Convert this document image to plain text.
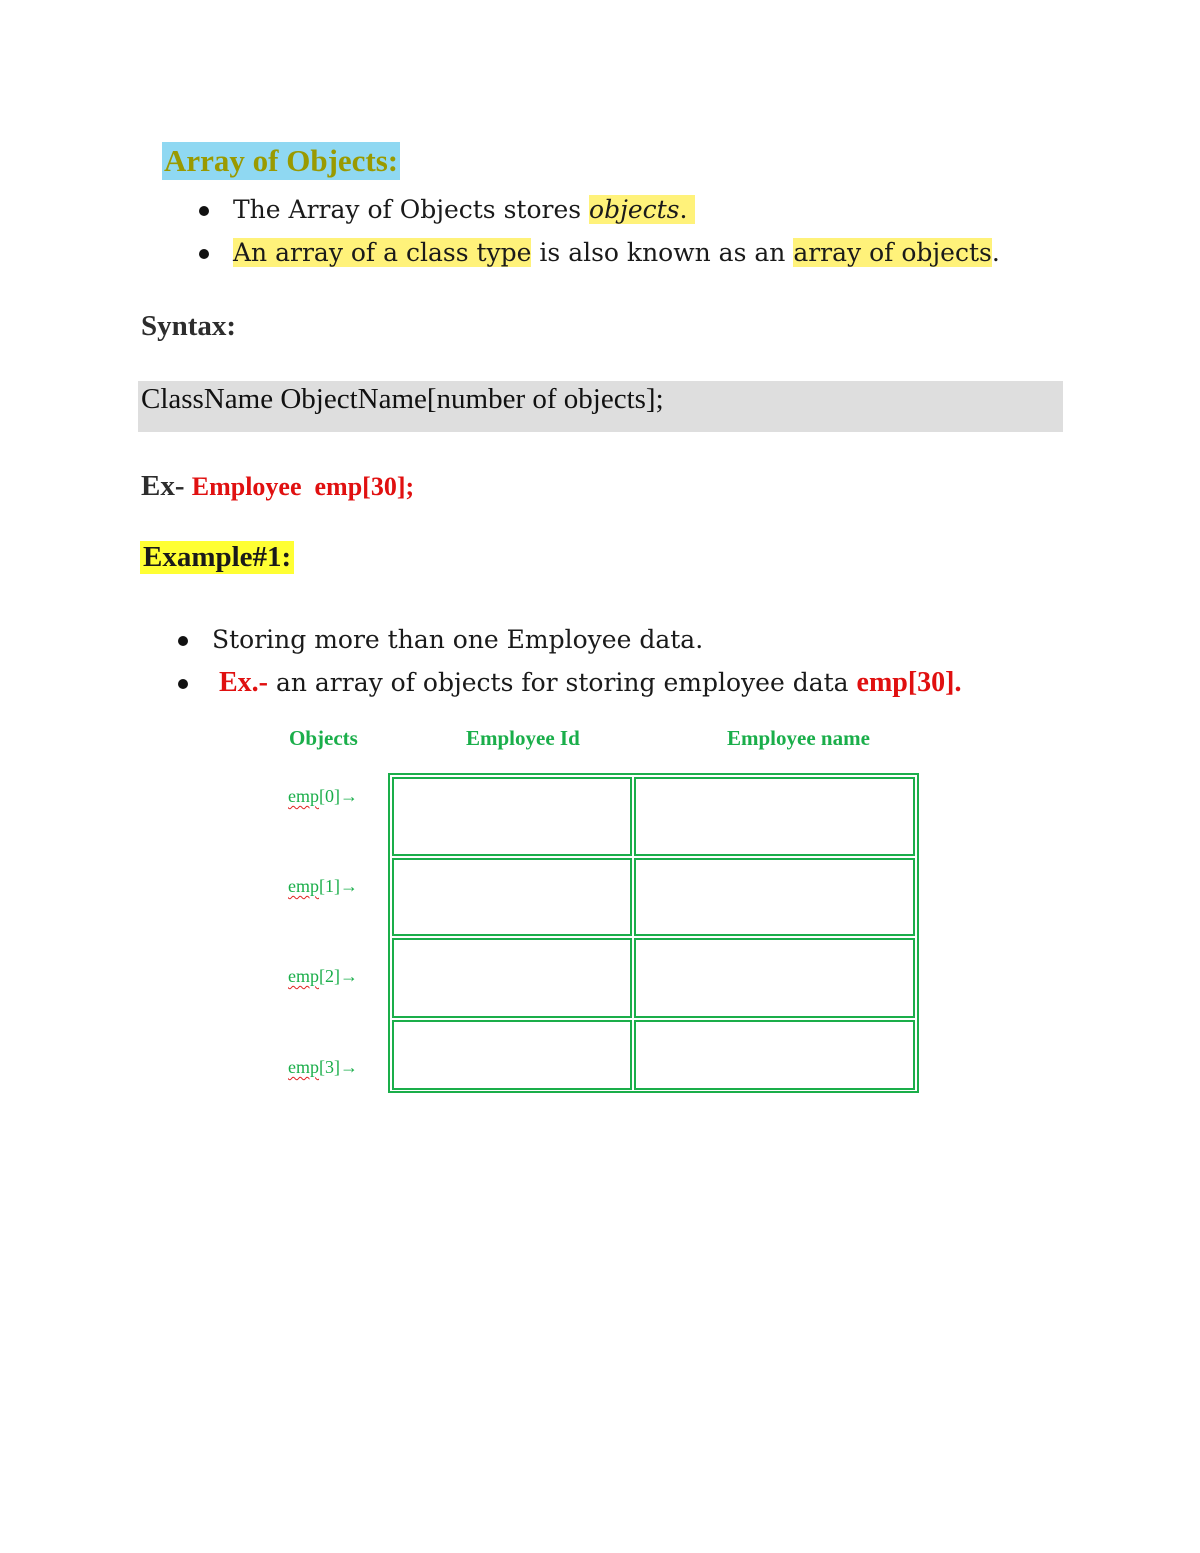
Array of Objects:
The Array of Objects stores objects.
An array of a class type is also known as an array of objects.
Syntax:
ClassName ObjectName[number of objects];
Ex- Employee  emp[30];
Example#1:
Storing more than one Employee data.
Ex.- an array of objects for storing employee data emp[30].
Objects	Employee Id	Employee name
emp[0]→
emp[1]→
emp[2]→
emp[3]→
